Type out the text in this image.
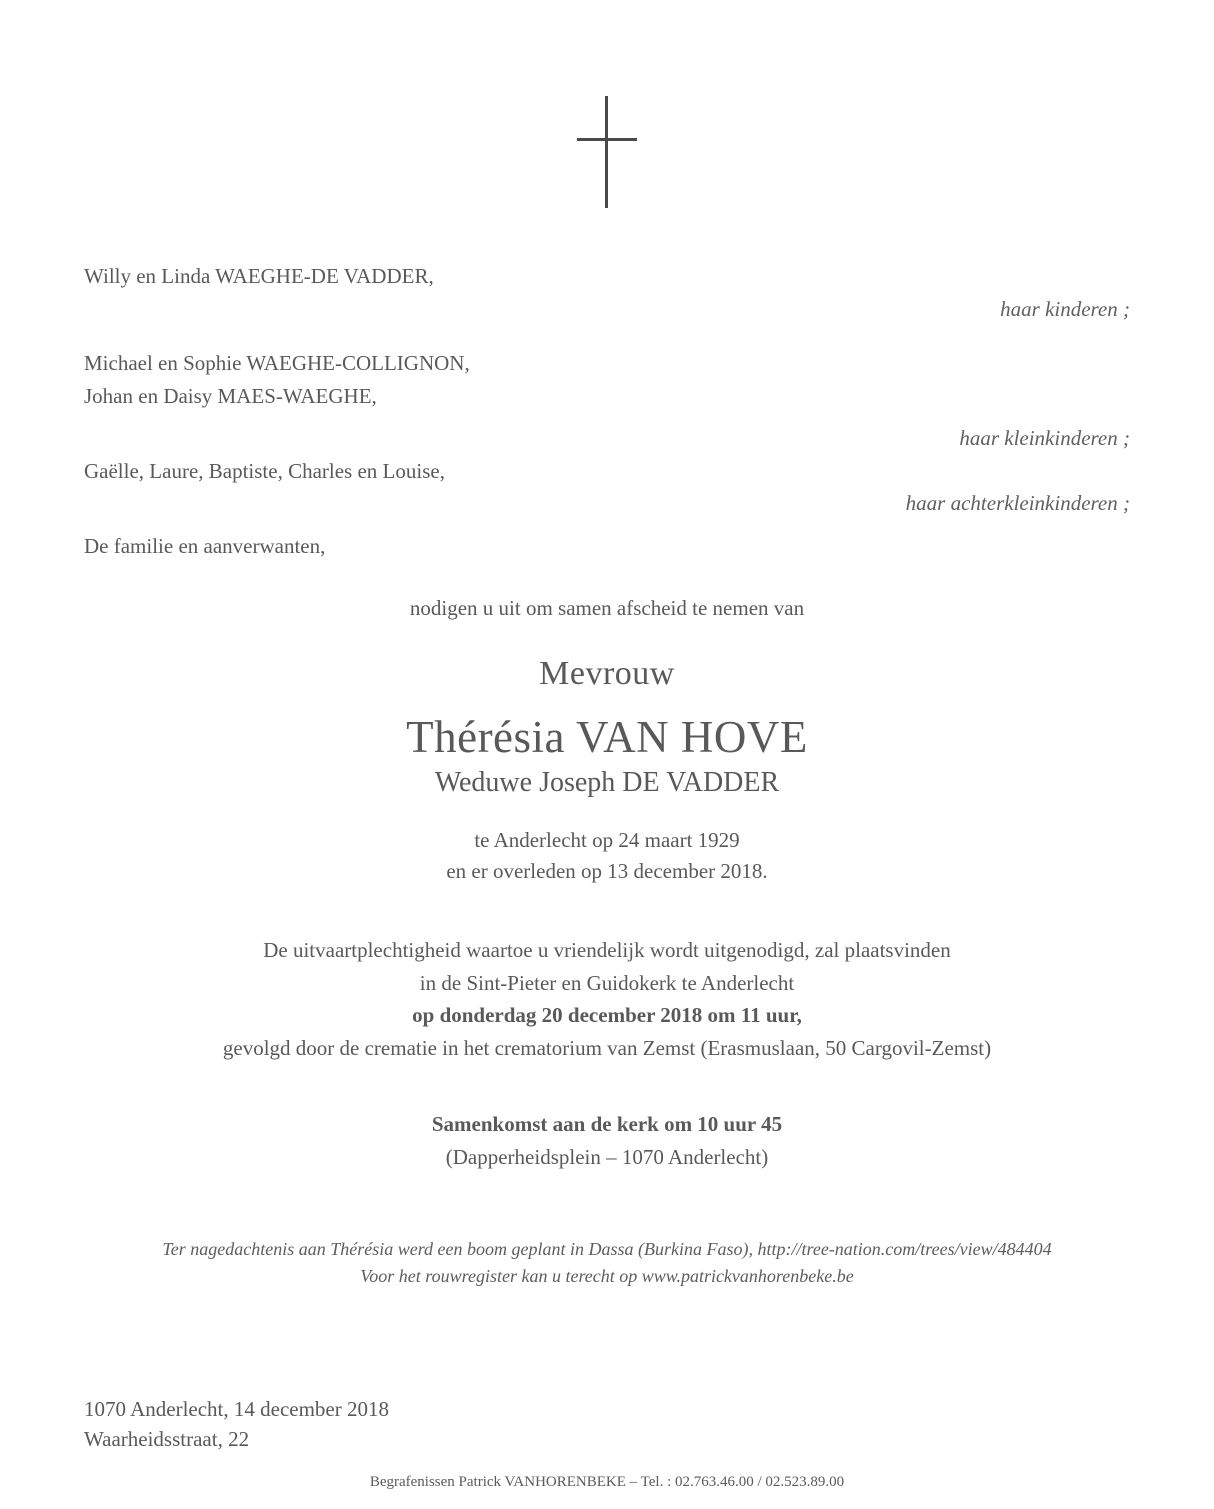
Willy en Linda WAEGHE-DE VADDER,
haar kinderen ;
Michael en Sophie WAEGHE-COLLIGNON,
Johan en Daisy MAES-WAEGHE,
haar kleinkinderen ;
Gaëlle, Laure, Baptiste, Charles en Louise,
haar achterkleinkinderen ;
De familie en aanverwanten,
nodigen u uit om samen afscheid te nemen van
Mevrouw
Thérésia VAN HOVE
Weduwe Joseph DE VADDER
te Anderlecht op 24 maart 1929
en er overleden op 13 december 2018.
De uitvaartplechtigheid waartoe u vriendelijk wordt uitgenodigd, zal plaatsvinden
in de Sint-Pieter en Guidokerk te Anderlecht
op donderdag 20 december 2018 om 11 uur,
gevolgd door de crematie in het crematorium van Zemst (Erasmuslaan, 50 Cargovil-Zemst)
Samenkomst aan de kerk om 10 uur 45
(Dapperheidsplein – 1070 Anderlecht)
Ter nagedachtenis aan Thérésia werd een boom geplant in Dassa (Burkina Faso), http://tree-nation.com/trees/view/484404
Voor het rouwregister kan u terecht op www.patrickvanhorenbeke.be
1070 Anderlecht, 14 december 2018
Waarheidsstraat, 22
Begrafenissen Patrick VANHORENBEKE – Tel. : 02.763.46.00 / 02.523.89.00
